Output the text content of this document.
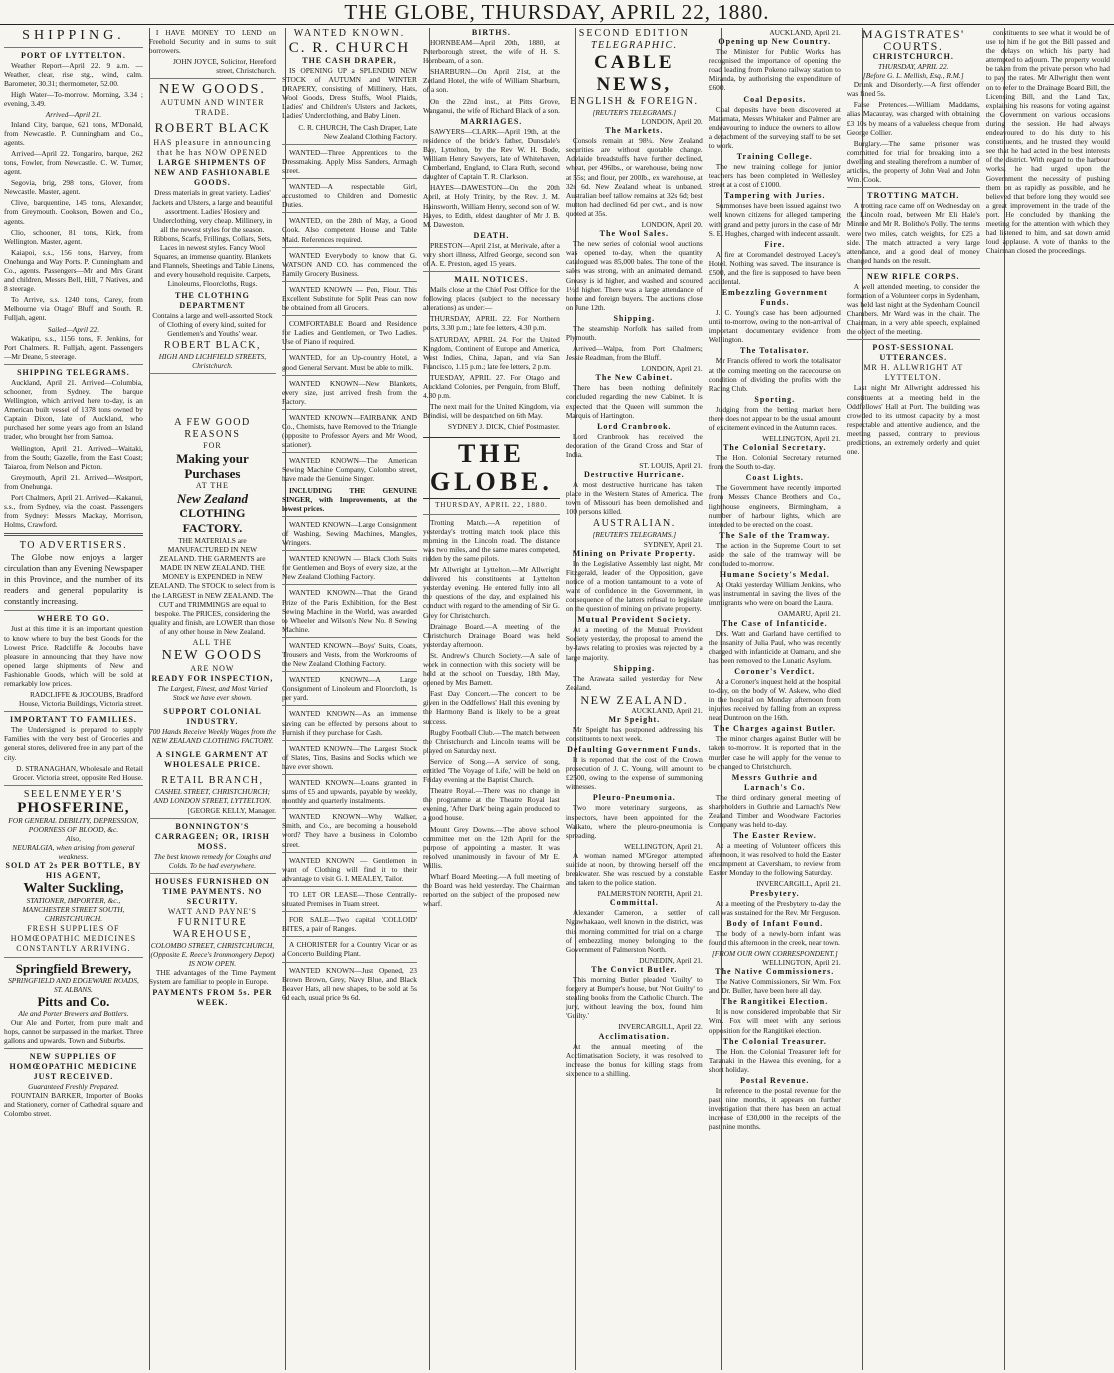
THE GLOBE, THURSDAY, APRIL 22, 1880.
SHIPPING.
PORT OF LYTTELTON.

Weather Report—April 22. 9 a.m. — Weather, clear, rise stg., wind, calm. Barometer, 30.31; thermometer, 52.00.

High Water—To-morrow. Morning, 3.34 ; evening, 3.49.

Arrived—April 21.

Inland City, barque, 621 tons, M'Donald, from Newcastle. P. Cunningham and Co., agents.

Arrived—April 22. Tongariro, barque, 262 tons, Fowler, from Newcastle. C. W. Turner, agent.

Segovia, brig, 298 tons, Glover, from Newcastle. Master, agent.

Clive, barquentine, 145 tons, Alexander, from Greymouth. Cookson, Bowen and Co., agents.

Clio, schooner, 81 tons, Kirk, from Wellington. Master, agent.

Kaiapoi, s.s., 156 tons, Harvey, from Onehunga and Way Ports. P. Cunningham and Co., agents. Passengers—Mr and Mrs Grant and children, Messrs Bell, Hill, 7 Natives, and 8 steerage.

To Arrive, s.s. 1240 tons, Carey, from Melbourne via Otago' Bluff and South. R. Fulljah, agent.

Sailed—April 22.

Wakatipu, s.s., 1156 tons, F. Jenkins, for Port Chalmers. R. Fulljah, agent. Passengers—Mr Deane, 5 steerage.

SHIPPING TELEGRAMS.

Auckland, April 21. Arrived—Columbia, schooner, from Sydney. The barque Wellington, which arrived here to-day, is an American built vessel of 1378 tons owned by Captain Dixon, late of Auckland, who purchased her some years ago from an Island trader, who brought her from Samoa.

Wellington, April 21. Arrived—Waitaki, from the South; Gazelle, from the East Coast; Taiaroa, from Nelson and Picton.

Greymouth, April 21. Arrived—Westport, from Onehunga.

Port Chalmers, April 21. Arrived—Kakanui, s.s., from Sydney, via the coast. Passengers from Sydney: Messrs Mackay, Morrison, Holms, Crawford.

TO ADVERTISERS.

The Globe now enjoys a larger circulation than any Evening Newspaper in this Province, and the number of its readers and general popularity is constantly increasing.

WHERE TO GO.

Just at this time it is an important question to know where to buy the best Goods for the Lowest Price. Radcliffe & Jocoubs have pleasure in announcing that they have now opened large shipments of New and Fashionable Goods, which will be sold at remarkably low prices.

RADCLIFFE & JOCOUBS, Bradford House, Victoria Buildings, Victoria street.

IMPORTANT TO FAMILIES.

The Undersigned is prepared to supply Families with the very best of Groceries and general stores, delivered free in any part of the city.

D. STRANAGHAN, Wholesale and Retail Grocer. Victoria street, opposite Red House.

SEELENMEYER'S
PHOSFERINE,
FOR GENERAL DEBILITY, DEPRESSION, POORNESS OF BLOOD, &c.
Also,
NEURALGIA, when arising from general weakness.
SOLD AT 2s PER BOTTLE, BY HIS AGENT,
Walter Suckling,
STATIONER, IMPORTER, &c., MANCHESTER STREET SOUTH, CHRISTCHURCH.
FRESH SUPPLIES OF HOMŒOPATHIC MEDICINES CONSTANTLY ARRIVING.
Springfield Brewery,
SPRINGFIELD AND EDGEWARE ROADS, ST. ALBANS.
Pitts and Co.
Ale and Porter Brewers and Bottlers.

Our Ale and Porter, from pure malt and hops, cannot be surpassed in the market. Three gallons and upwards. Town and Suburbs.

NEW SUPPLIES OF HOMŒOPATHIC MEDICINE JUST RECEIVED.
Guaranteed Freshly Prepared.

FOUNTAIN BARKER, Importer of Books and Stationery, corner of Cathedral square and Colombo street.

I HAVE MONEY TO LEND on Freehold Security and in sums to suit borrowers.

JOHN JOYCE, Solicitor, Hereford street, Christchurch.

NEW GOODS.
AUTUMN AND WINTER TRADE.
ROBERT BLACK
HAS pleasure in announcing that he has NOW OPENED
LARGE SHIPMENTS OF NEW AND FASHIONABLE GOODS.

Dress materials in great variety. Ladies' Jackets and Ulsters, a large and beautiful assortment. Ladies' Hosiery and Underclothing, very cheap. Millinery, in all the newest styles for the season. Ribbons, Scarfs, Frillings, Collars, Sets, Laces in newest styles. Fancy Wool Squares, an immense quantity. Blankets and Flannels, Sheetings and Table Linens, and every household requisite. Carpets, Linoleums, Floorcloths, Rugs.

THE CLOTHING DEPARTMENT

Contains a large and well-assorted Stock of Clothing of every kind, suited for Gentlemen's and Youths' wear.

ROBERT BLACK,
HIGH AND LICHFIELD STREETS, Christchurch.
A FEW GOOD REASONS
FOR
Making your Purchases
AT THE
New Zealand
CLOTHING FACTORY.

THE MATERIALS are MANUFACTURED IN NEW ZEALAND. THE GARMENTS are MADE IN NEW ZEALAND. THE MONEY is EXPENDED in NEW ZEALAND. The STOCK to select from is the LARGEST in NEW ZEALAND. The CUT and TRIMMINGS are equal to bespoke. The PRICES, considering the quality and finish, are LOWER than those of any other house in New Zealand.

ALL THE
NEW GOODS
ARE NOW
READY FOR INSPECTION,
The Largest, Finest, and Most Varied Stock we have ever shown.
SUPPORT COLONIAL INDUSTRY.
700 Hands Receive Weekly Wages from the NEW ZEALAND CLOTHING FACTORY.
A SINGLE GARMENT AT WHOLESALE PRICE.
RETAIL BRANCH,
CASHEL STREET, CHRISTCHURCH; AND LONDON STREET, LYTTELTON.
[GEORGE KELLY, Manager.
BONNINGTON'S CARRAGEEN; OR, IRISH MOSS.
The best known remedy for Coughs and Colds. To be had everywhere.
HOUSES FURNISHED ON TIME PAYMENTS. NO SECURITY.
WATT AND PAYNE'S
FURNITURE WAREHOUSE,
COLOMBO STREET, CHRISTCHURCH, (Opposite E. Reece's Ironmongery Depot) IS NOW OPEN.

THE advantages of the Time Payment System are familiar to people in Europe.

PAYMENTS FROM 5s. PER WEEK.
WANTED KNOWN.
C. R. CHURCH
THE CASH DRAPER,

IS OPENING UP a SPLENDID NEW STOCK of AUTUMN and WINTER DRAPERY, consisting of Millinery, Hats, Wool Goods, Dress Stuffs, Wool Plaids, Ladies' and Children's Ulsters and Jackets, Ladies' Underclothing, and Baby Linen.

C. R. CHURCH, The Cash Draper, Late New Zealand Clothing Factory.

WANTED—Three Apprentices to the Dressmaking. Apply Miss Sanders, Armagh street.

WANTED—A respectable Girl, accustomed to Children and Domestic Duties.

WANTED, on the 28th of May, a Good Cook. Also competent House and Table Maid. References required.

WANTED Everybody to know that G. WATSON AND CO. has commenced the Family Grocery Business.

WANTED KNOWN — Pen, Flour. This Excellent Substitute for Split Peas can now be obtained from all Grocers.

COMFORTABLE Board and Residence for Ladies and Gentlemen, or Two Ladies. Use of Piano if required.

WANTED, for an Up-country Hotel, a good General Servant. Must be able to milk.

WANTED KNOWN—New Blankets, every size, just arrived fresh from the Factory.

WANTED KNOWN—FAIRBANK AND Co., Chemists, have Removed to the Triangle (opposite to Professor Ayers and Mr Wood, stationer).

WANTED KNOWN—The American Sewing Machine Company, Colombo street, have made the Genuine Singer.

INCLUDING THE GENUINE SINGER, with Improvements, at the lowest prices.

WANTED KNOWN—Large Consignment of Washing, Sewing Machines, Mangles, Wringers.

WANTED KNOWN — Black Cloth Suits for Gentlemen and Boys of every size, at the New Zealand Clothing Factory.

WANTED KNOWN—That the Grand Prize of the Paris Exhibition, for the Best Sewing Machine in the World, was awarded to Wheeler and Wilson's New No. 8 Sewing Machine.

WANTED KNOWN—Boys' Suits, Coats, Trousers and Vests, from the Workrooms of the New Zealand Clothing Factory.

WANTED KNOWN—A Large Consignment of Linoleum and Floorcloth, 1s per yard.

WANTED KNOWN—As an immense saving can be effected by persons about to Furnish if they purchase for Cash.

WANTED KNOWN—The Largest Stock of Slates, Tins, Basins and Socks which we have ever shown.

WANTED KNOWN—Loans granted in sums of £5 and upwards, payable by weekly, monthly and quarterly instalments.

WANTED KNOWN—Why Walker, Smith, and Co., are becoming a household word? They have a business in Colombo street.

WANTED KNOWN — Gentlemen in want of Clothing will find it to their advantage to visit G. I. MEALEY, Tailor.

TO LET OR LEASE—Those Centrally-situated Premises in Tuam street.

FOR SALE—Two capital 'COLLOID' BITES, a pair of Ranges.

A CHORISTER for a Country Vicar or as a Concerto Building Plant.

WANTED KNOWN—Just Opened, 23 Brown Brown, Grey, Navy Blue, and Black Beaver Hats, all new shapes, to be sold at 5s 6d each, usual price 9s 6d.

BIRTHS.

HORNBEAM—April 20th, 1880, at Peterborough street, the wife of H. S. Hornbeam, of a son.

SHARBURN—On April 21st, at the Zetland Hotel, the wife of William Sharburn, of a son.

On the 22nd inst., at Pitts Grove, Wanganui, the wife of Richard Black of a son.

MARRIAGES.

SAWYERS—CLARK—April 19th, at the residence of the bride's father, Dunsdale's Bay, Lyttelton, by the Rev W. H. Bode, William Henry Sawyers, late of Whitehaven, Cumberland, England, to Clara Ruth, second daughter of Captain T. R. Clarkson.

HAYES—DAWESTON—On the 20th April, at Holy Trinity, by the Rev. J. M. Hainsworth, William Henry, second son of W. Hayes, to Edith, eldest daughter of Mr J. B. M. Daweston.

DEATH.

PRESTON—April 21st, at Merivale, after a very short illness, Alfred George, second son of A. E. Preston, aged 15 years.

MAIL NOTICES.

Mails close at the Chief Post Office for the following places (subject to the necessary alterations) as under:—

THURSDAY, APRIL 22. For Northern ports, 3.30 p.m.; late fee letters, 4.30 p.m.

SATURDAY, APRIL 24. For the United Kingdom, Continent of Europe and America, West Indies, China, Japan, and via San Francisco, 1.15 p.m.; late fee letters, 2 p.m.

TUESDAY, APRIL 27. For Otago and Auckland Colonies, per Penguin, from Bluff, 4.30 p.m.

The next mail for the United Kingdom, via Brindisi, will be despatched on 6th May.

SYDNEY J. DICK, Chief Postmaster.

THE GLOBE.
THURSDAY, APRIL 22, 1880.

Trotting Match.—A repetition of yesterday's trotting match took place this morning in the Lincoln road. The distance was two miles, and the same mares competed, ridden by the same pilots.

Mr Allwright at Lyttelton.—Mr Allwright delivered his constituents at Lyttelton yesterday evening. He entered fully into all the questions of the day, and explained his conduct with regard to the amending of Sir G. Grey for Christchurch.

Drainage Board.—A meeting of the Christchurch Drainage Board was held yesterday afternoon.

St. Andrew's Church Society.—A sale of work in connection with this society will be held at the school on Tuesday, 18th May, opened by Mrs Barnett.

Fast Day Concert.—The concert to be given in the Oddfellows' Hall this evening by the Harmony Band is likely to be a great success.

Rugby Football Club.—The match between the Christchurch and Lincoln teams will be played on Saturday next.

Service of Song.—A service of song, entitled 'The Voyage of Life,' will be held on Friday evening at the Baptist Church.

Theatre Royal.—There was no change in the programme at the Theatre Royal last evening, 'After Dark' being again produced to a good house.

Mount Grey Downs.—The above school committee met on the 12th April for the purpose of appointing a master. It was resolved unanimously in favour of Mr E. Willis.

Wharf Board Meeting.—A full meeting of the Board was held yesterday. The Chairman reported on the subject of the proposed new wharf.

SECOND EDITION
TELEGRAPHIC.
CABLE NEWS,
ENGLISH & FOREIGN.
[REUTER'S TELEGRAMS.]
LONDON, April 20.
The Markets.

Consols remain at 98¼. New Zealand securities are without quotable change. Adelaide breadstuffs have further declined, wheat, per 496lbs., or warehouse, being now at 55s; and flour, per 200lb., ex warehouse, at 32s 6d. New Zealand wheat is unbaned. Australian beef tallow remains at 32s 6d; best mutton had declined 6d per cwt., and is now quoted at 35s.

LONDON, April 20.
The Wool Sales.

The new series of colonial wool auctions was opened to-day, when the quantity catalogued was 85,000 bales. The tone of the sales was strong, with an animated demand. Greasy is id higher, and washed and scoured 1½d higher. There was a large attendance of home and foreign buyers. The auctions close on June 12th.

Shipping.

The steamship Norfolk has sailed from Plymouth.

Arrived—Walpa, from Port Chalmers; Jessie Readman, from the Bluff.

LONDON, April 21.
The New Cabinet.

There has been nothing definitely concluded regarding the new Cabinet. It is expected that the Queen will summon the Marquis of Hartington.

Lord Cranbrook.

Lord Cranbrook has received the decoration of the Grand Cross and Star of India.

ST. LOUIS, April 21.
Destructive Hurricane.

A most destructive hurricane has taken place in the Western States of America. The town of Missouri has been demolished and 100 persons killed.

AUSTRALIAN.
[REUTER'S TELEGRAMS.]
SYDNEY, April 21.
Mining on Private Property.

In the Legislative Assembly last night, Mr Fitzgerald, leader of the Opposition, gave notice of a motion tantamount to a vote of want of confidence in the Government, in consequence of the latters refusal to legislate on the question of mining on private property.

Mutual Provident Society.

At a meeting of the Mutual Provident Society yesterday, the proposal to amend the by-laws relating to proxies was rejected by a large majority.

Shipping.

The Arawata sailed yesterday for New Zealand.

NEW ZEALAND.
AUCKLAND, April 21.
Mr Speight.

Mr Speight has postponed addressing his constituents to next week.

Defaulting Government Funds.

It is reported that the cost of the Crown prosecution of J. C. Young, will amount to £2500, owing to the expense of summoning witnesses.

Pleuro-Pneumonia.

Two more veterinary surgeons, as inspectors, have been appointed for the Waikato, where the pleuro-pneumonia is spreading.

WELLINGTON, April 21.

A woman named M'Gregor attempted suicide at noon, by throwing herself off the breakwater. She was rescued by a constable and taken to the police station.

PALMERSTON NORTH, April 21.
Committal.

Alexander Cameron, a settler of Ngawhakaao, well known in the district, was this morning committed for trial on a charge of embezzling money belonging to the Government of Palmerston North.

DUNEDIN, April 21.
The Convict Butler.

This morning Butler pleaded 'Guilty' to forgery at Bumper's house, but 'Not Guilty' to stealing books from the Catholic Church. The jury, without leaving the box, found him 'Guilty.'

INVERCARGILL, April 22.
Acclimatisation.

At the annual meeting of the Acclimatisation Society, it was resolved to increase the bonus for killing stags from sixpence to a shilling.

AUCKLAND, April 21.
Opening up New Country.

The Minister for Public Works has recognised the importance of opening the road leading from Pokeno railway station to Miranda, by authorising the expenditure of £600.

Coal Deposits.

Coal deposits have been discovered at Matamata, Messrs Whitaker and Palmer are endeavouring to induce the owners to allow a detachment of the surveying staff to be set to work.

Training College.

The new training college for junior teachers has been completed in Wellesley street at a cost of £1000.

Tampering with Juries.

Summonses have been issued against two well known citizens for alleged tampering with grand and petty jurors in the case of Mr S. E. Hughes, charged with indecent assault.

Fire.

A fire at Coromandel destroyed Lacey's Hotel. Nothing was saved. The insurance is £500, and the fire is supposed to have been accidental.

Embezzling Government Funds.

J. C. Young's case has been adjourned until to-morrow, owing to the non-arrival of important documentary evidence from Wellington.

The Totalisator.

Mr Francis offered to work the totalisator at the coming meeting on the racecourse on condition of dividing the profits with the Racing Club.

Sporting.

Judging from the betting market here there does not appear to be the usual amount of excitement evinced in the Autumn races.

WELLINGTON, April 21.
The Colonial Secretary.

The Hon. Colonial Secretary returned from the South to-day.

Coast Lights.

The Government have recently imported from Messrs Chance Brothers and Co., lighthouse engineers, Birmingham, a number of harbour lights, which are intended to be erected on the coast.

The Sale of the Tramway.

The action in the Supreme Court to set aside the sale of the tramway will be concluded to-morrow.

Humane Society's Medal.

At Otaki yesterday William Jenkins, who was instrumental in saving the lives of the immigrants who were on board the Laura.

OAMARU, April 21.
The Case of Infanticide.

Drs. Watt and Garland have certified to the insanity of Julia Paul, who was recently charged with infanticide at Oamaru, and she has been removed to the Lunatic Asylum.

Coroner's Verdict.

At a Coroner's inquest held at the hospital to-day, on the body of W. Askew, who died in the hospital on Monday afternoon from injuries received by falling from an express near Duntroon on the 16th.

The Charges against Butler.

The minor charges against Butler will be taken to-morrow. It is reported that in the murder case he will apply for the venue to be changed to Christchurch.

Messrs Guthrie and Larnach's Co.

The third ordinary general meeting of shareholders in Guthrie and Larnach's New Zealand Timber and Woodware Factories Company was held to-day.

The Easter Review.

At a meeting of Volunteer officers this afternoon, it was resolved to hold the Easter encampment at Caversham, to review from Easter Monday to the following Saturday.

INVERCARGILL, April 21.
Presbytery.

At a meeting of the Presbytery to-day the call was sustained for the Rev. Mr Ferguson.

Body of Infant Found.

The body of a newly-born infant was found this afternoon in the creek, near town.

[FROM OUR OWN CORRESPONDENT.]
WELLINGTON, April 21.
The Native Commissioners.

The Native Commissioners, Sir Wm. Fox and Dr. Buller, have been here all day.

The Rangitikei Election.

It is now considered improbable that Sir Wm. Fox will meet with any serious opposition for the Rangitikei election.

The Colonial Treasurer.

The Hon. the Colonial Treasurer left for Taranaki in the Hawea this evening, for a short holiday.

Postal Revenue.

In reference to the postal revenue for the past nine months, it appears on further investigation that there has been an actual increase of £30,000 in the receipts of the past nine months.

MAGISTRATES' COURTS.
CHRISTCHURCH.
THURSDAY, APRIL 22.
[Before G. L. Mellish, Esq., R.M.]

Drunk and Disorderly.—A first offender was fined 5s.

False Pretences.—William Maddams, alias Macauray, was charged with obtaining £3 10s by means of a valueless cheque from George Collier.

Burglary.—The same prisoner was committed for trial for breaking into a dwelling and stealing therefrom a number of articles, the property of John Veal and John Wm. Cook.

TROTTING MATCH.

A trotting race came off on Wednesday on the Lincoln road, between Mr Eli Hale's Minnie and Mr R. Bolitho's Polly. The terms were two miles, catch weights, for £25 a side. The match attracted a very large attendance, and a good deal of money changed hands on the result.

NEW RIFLE CORPS.

A well attended meeting, to consider the formation of a Volunteer corps in Sydenham, was held last night at the Sydenham Council Chambers. Mr Ward was in the chair. The Chairman, in a very able speech, explained the object of the meeting.

POST-SESSIONAL UTTERANCES.
MR H. ALLWRIGHT AT LYTTELTON.

Last night Mr Allwright addressed his constituents at a meeting held in the Oddfellows' Hall at Port. The building was crowded to its utmost capacity by a most respectable and attentive audience, and the meeting passed, contrary to previous predictions, an extremely orderly and quiet one.

constituents to see what it would be of use to him if he got the Bill passed and the delays on which his party had attempted to adjourn. The property would be taken from the private person who had to pay the rates. Mr Allwright then went on to refer to the Drainage Board Bill, the Licensing Bill, and the Land Tax, explaining his reasons for voting against the Government on various occasions during the session. He had always endeavoured to do his duty to his constituents, and he trusted they would see that he had acted in the best interests of the district. With regard to the harbour works, he had urged upon the Government the necessity of pushing them on as rapidly as possible, and he believed that before long they would see a great improvement in the trade of the port. He concluded by thanking the meeting for the attention with which they had listened to him, and sat down amid loud applause. A vote of thanks to the Chairman closed the proceedings.
